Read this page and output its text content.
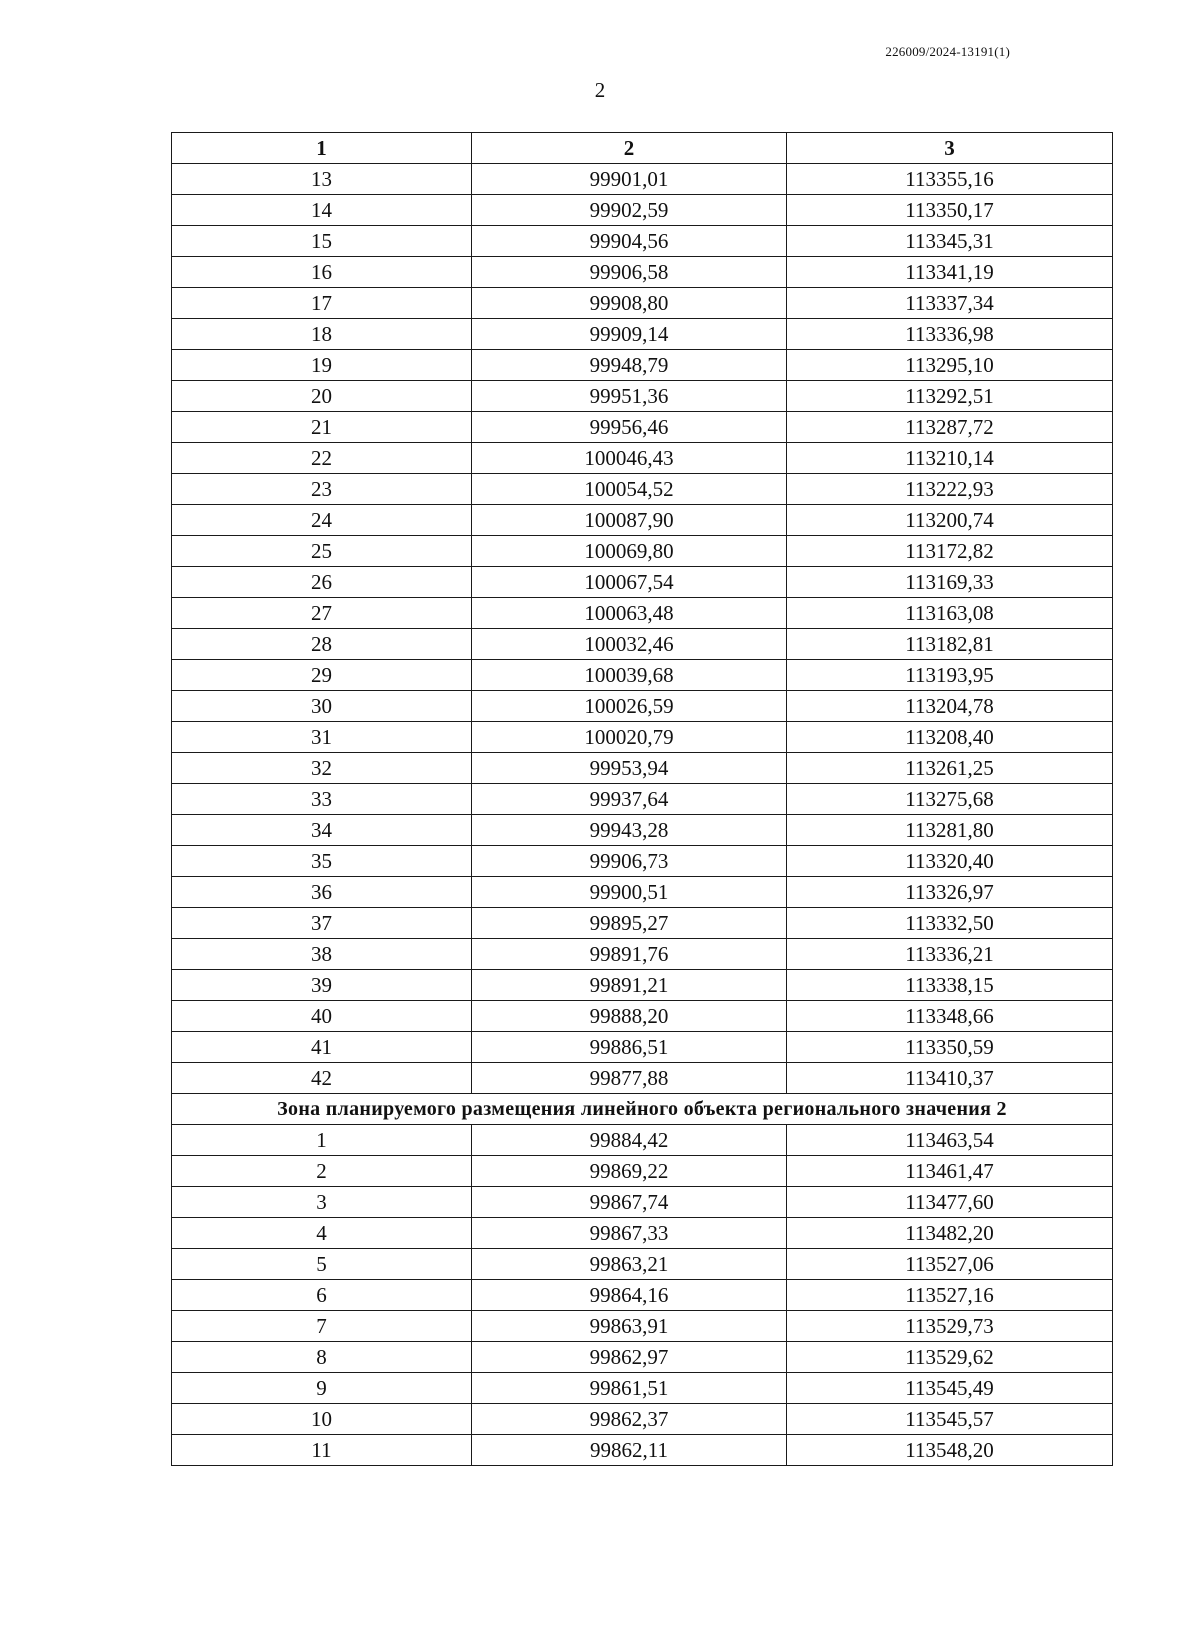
226009/2024-13191(1)
2
1	2	3
13	99901,01	113355,16
14	99902,59	113350,17
15	99904,56	113345,31
16	99906,58	113341,19
17	99908,80	113337,34
18	99909,14	113336,98
19	99948,79	113295,10
20	99951,36	113292,51
21	99956,46	113287,72
22	100046,43	113210,14
23	100054,52	113222,93
24	100087,90	113200,74
25	100069,80	113172,82
26	100067,54	113169,33
27	100063,48	113163,08
28	100032,46	113182,81
29	100039,68	113193,95
30	100026,59	113204,78
31	100020,79	113208,40
32	99953,94	113261,25
33	99937,64	113275,68
34	99943,28	113281,80
35	99906,73	113320,40
36	99900,51	113326,97
37	99895,27	113332,50
38	99891,76	113336,21
39	99891,21	113338,15
40	99888,20	113348,66
41	99886,51	113350,59
42	99877,88	113410,37
Зона планируемого размещения линейного объекта регионального значения 2		
1	99884,42	113463,54
2	99869,22	113461,47
3	99867,74	113477,60
4	99867,33	113482,20
5	99863,21	113527,06
6	99864,16	113527,16
7	99863,91	113529,73
8	99862,97	113529,62
9	99861,51	113545,49
10	99862,37	113545,57
11	99862,11	113548,20
